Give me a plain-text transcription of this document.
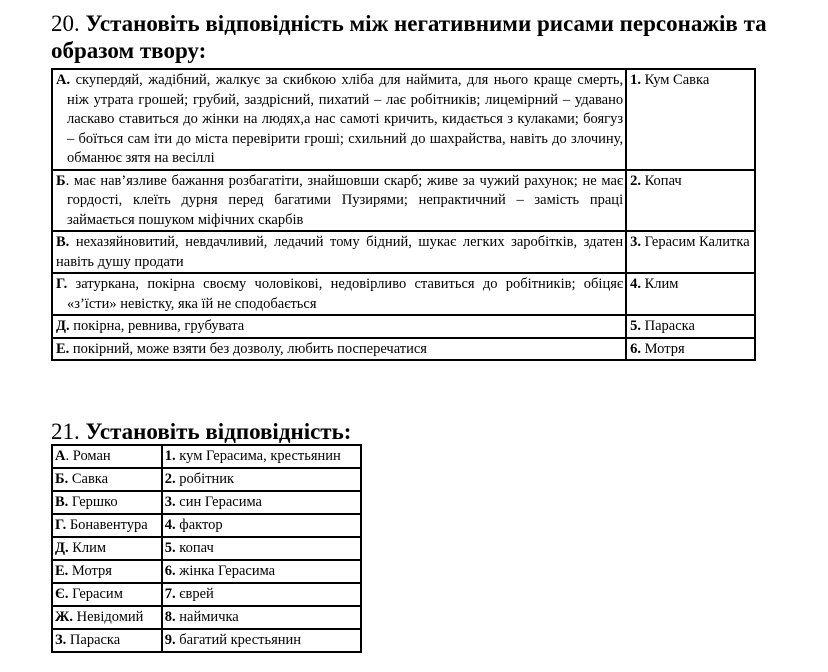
20. Установіть відповідність між негативними рисами персонажів та образом твору:
А. скупердяй, жадібний, жалкує за скибкою хліба для наймита, для нього краще смерть, ніж утрата грошей; грубий, заздрісний, пихатий – лає робітників; лицемірний – удавано ласкаво ставиться до жінки на людях,а нас самоті кричить, кидається з кулаками; боягуз – боїться сам іти до міста перевірити гроші; схильний до шахрайства, навіть до злочину, обманює зятя на весіллі	1. Кум Савка
Б. має нав’язливе бажання розбагатіти, знайшовши скарб; живе за чужий рахунок; не має гордості, клеїть дурня перед багатими Пузирями; непрактичний – замість праці займається пошуком міфічних скарбів	2. Копач
В. нехазяйновитий, невдачливий, ледачий тому бідний, шукає легких заробітків, здатен навіть душу продати	3. Герасим Калитка
Г. затуркана, покірна своєму чоловікові, недовірливо ставиться до робітників; обіцяє «з’їсти» невістку, яка їй не сподобається	4. Клим
Д. покірна, ревнива, грубувата	5. Параска
Е. покірний, може взяти без дозволу, любить посперечатися	6. Мотря
21. Установіть відповідність:
А. Роман	1. кум Герасима, крестьянин
Б. Савка	2. робітник
В. Гершко	3. син Герасима
Г. Бонавентура	4. фактор
Д. Клим	5. копач
Е. Мотря	6. жінка Герасима
Є. Герасим	7. єврей
Ж. Невідомий	8. наймичка
З. Параска	9. багатий крестьянин
